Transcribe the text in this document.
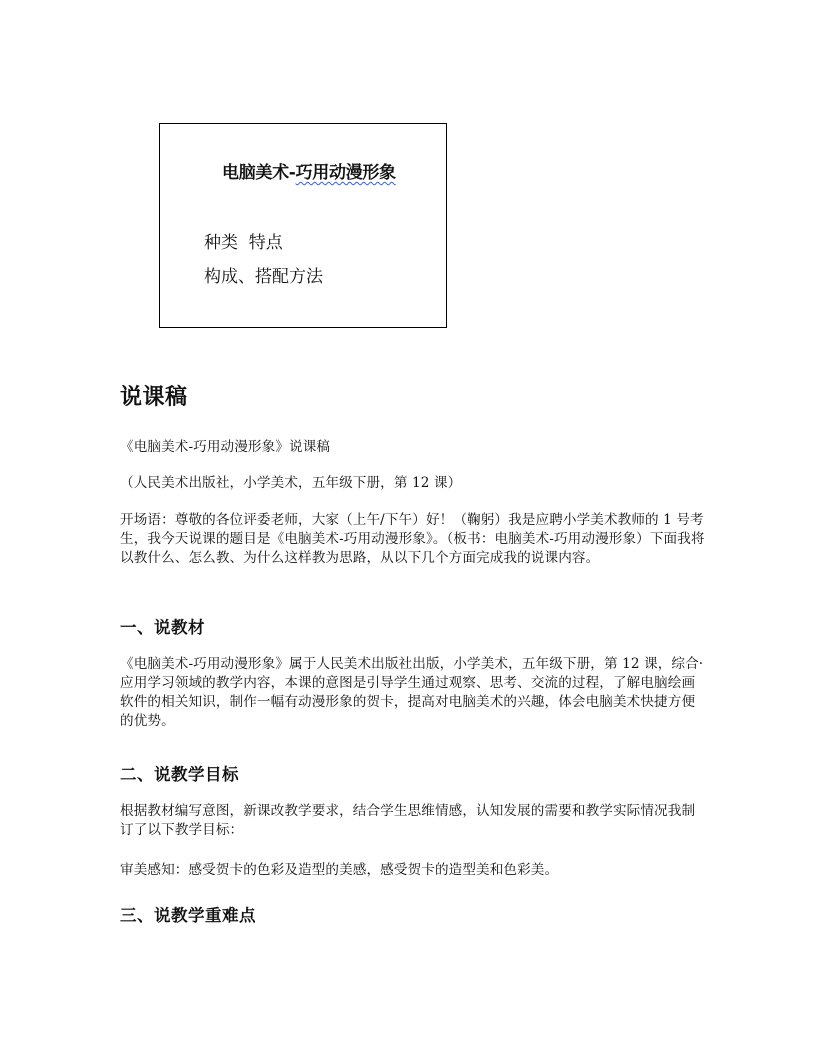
电脑美术-巧用动漫形象
种类  特点
构成、搭配方法
说课稿

《电脑美术-巧用动漫形象》说课稿

（人民美术出版社，小学美术，五年级下册，第 12 课）

开场语：尊敬的各位评委老师，大家（上午/下午）好！（鞠躬）我是应聘小学美术教师的 1 号考生，我今天说课的题目是《电脑美术-巧用动漫形象》。（板书：电脑美术-巧用动漫形象）下面我将以教什么、怎么教、为什么这样教为思路，从以下几个方面完成我的说课内容。

一、说教材

《电脑美术-巧用动漫形象》属于人民美术出版社出版，小学美术，五年级下册，第 12 课，综合·应用学习领域的教学内容，本课的意图是引导学生通过观察、思考、交流的过程，了解电脑绘画软件的相关知识，制作一幅有动漫形象的贺卡，提高对电脑美术的兴趣，体会电脑美术快捷方便的优势。

二、说教学目标

根据教材编写意图，新课改教学要求，结合学生思维情感，认知发展的需要和教学实际情况我制订了以下教学目标：

审美感知：感受贺卡的色彩及造型的美感，感受贺卡的造型美和色彩美。

三、说教学重难点
